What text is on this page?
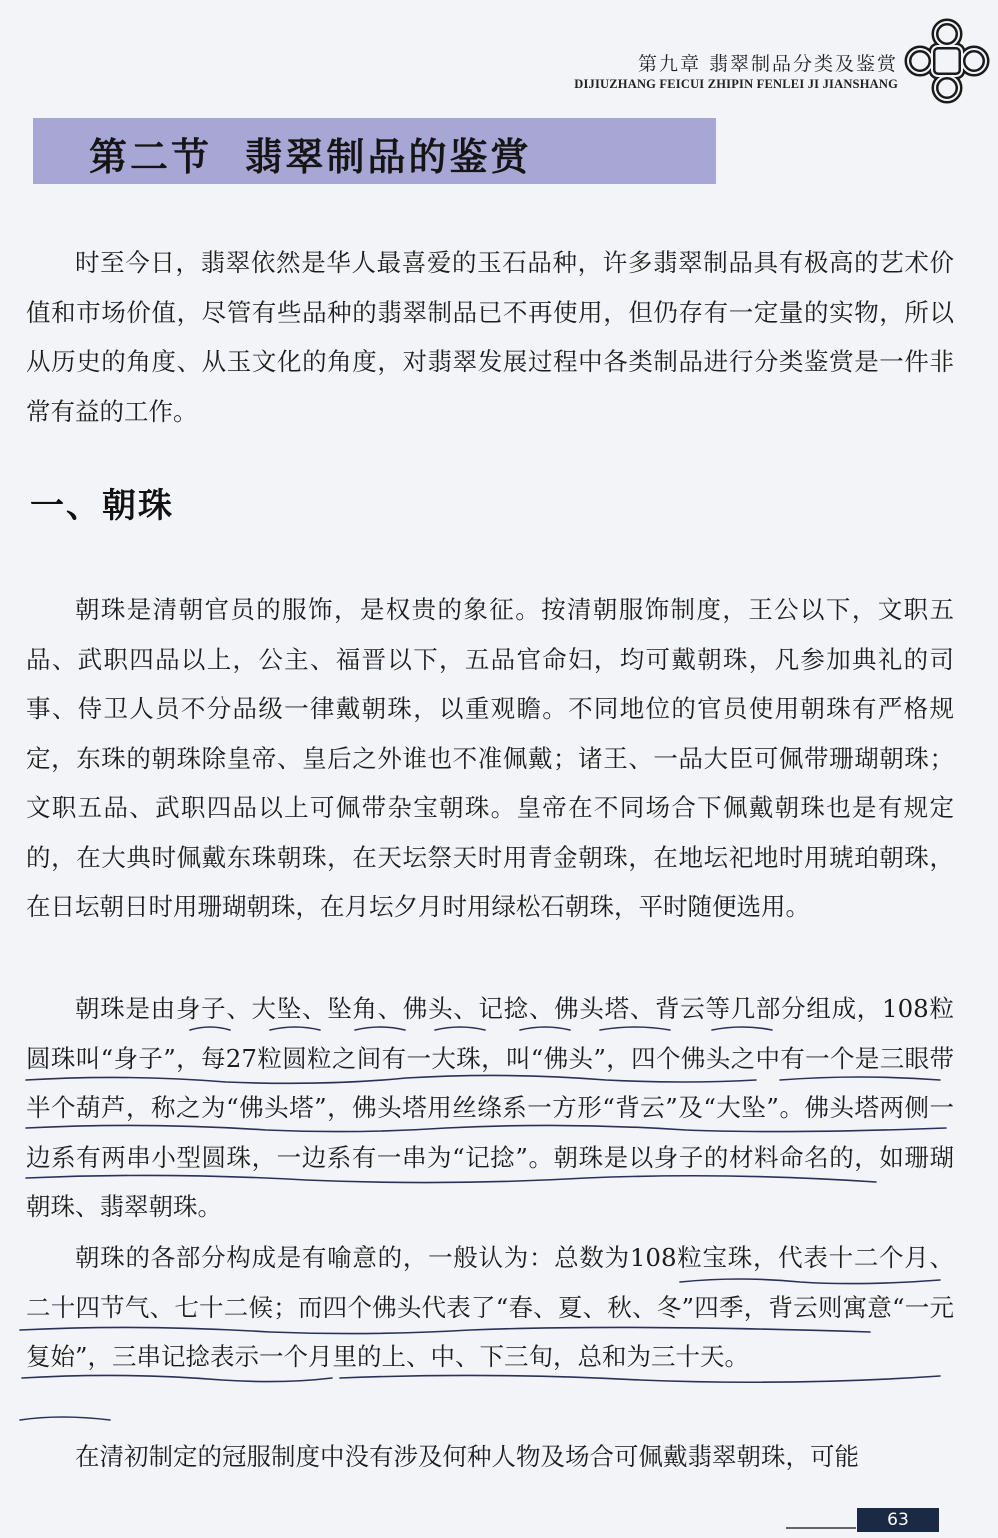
第九章 翡翠制品分类及鉴赏
DIJIUZHANG FEICUI ZHIPIN FENLEI JI JIANSHANG
第二节  翡翠制品的鉴赏

时至今日，翡翠依然是华人最喜爱的玉石品种，许多翡翠制品具有极高的艺术价值和市场价值，尽管有些品种的翡翠制品已不再使用，但仍存有一定量的实物，所以从历史的角度、从玉文化的角度，对翡翠发展过程中各类制品进行分类鉴赏是一件非常有益的工作。

一、朝珠

朝珠是清朝官员的服饰，是权贵的象征。按清朝服饰制度，王公以下，文职五品、武职四品以上，公主、福晋以下，五品官命妇，均可戴朝珠，凡参加典礼的司事、侍卫人员不分品级一律戴朝珠，以重观瞻。不同地位的官员使用朝珠有严格规定，东珠的朝珠除皇帝、皇后之外谁也不准佩戴；诸王、一品大臣可佩带珊瑚朝珠；文职五品、武职四品以上可佩带杂宝朝珠。皇帝在不同场合下佩戴朝珠也是有规定的，在大典时佩戴东珠朝珠，在天坛祭天时用青金朝珠，在地坛祀地时用琥珀朝珠，在日坛朝日时用珊瑚朝珠，在月坛夕月时用绿松石朝珠，平时随便选用。

朝珠是由身子、大坠、坠角、佛头、记捻、佛头塔、背云等几部分组成，108粒圆珠叫“身子”，每27粒圆粒之间有一大珠，叫“佛头”，四个佛头之中有一个是三眼带半个葫芦，称之为“佛头塔”，佛头塔用丝绦系一方形“背云”及“大坠”。佛头塔两侧一边系有两串小型圆珠，一边系有一串为“记捻”。朝珠是以身子的材料命名的，如珊瑚朝珠、翡翠朝珠。

朝珠的各部分构成是有喻意的，一般认为：总数为108粒宝珠，代表十二个月、二十四节气、七十二候；而四个佛头代表了“春、夏、秋、冬”四季，背云则寓意“一元复始”，三串记捻表示一个月里的上、中、下三旬，总和为三十天。

在清初制定的冠服制度中没有涉及何种人物及场合可佩戴翡翠朝珠，可能

63
